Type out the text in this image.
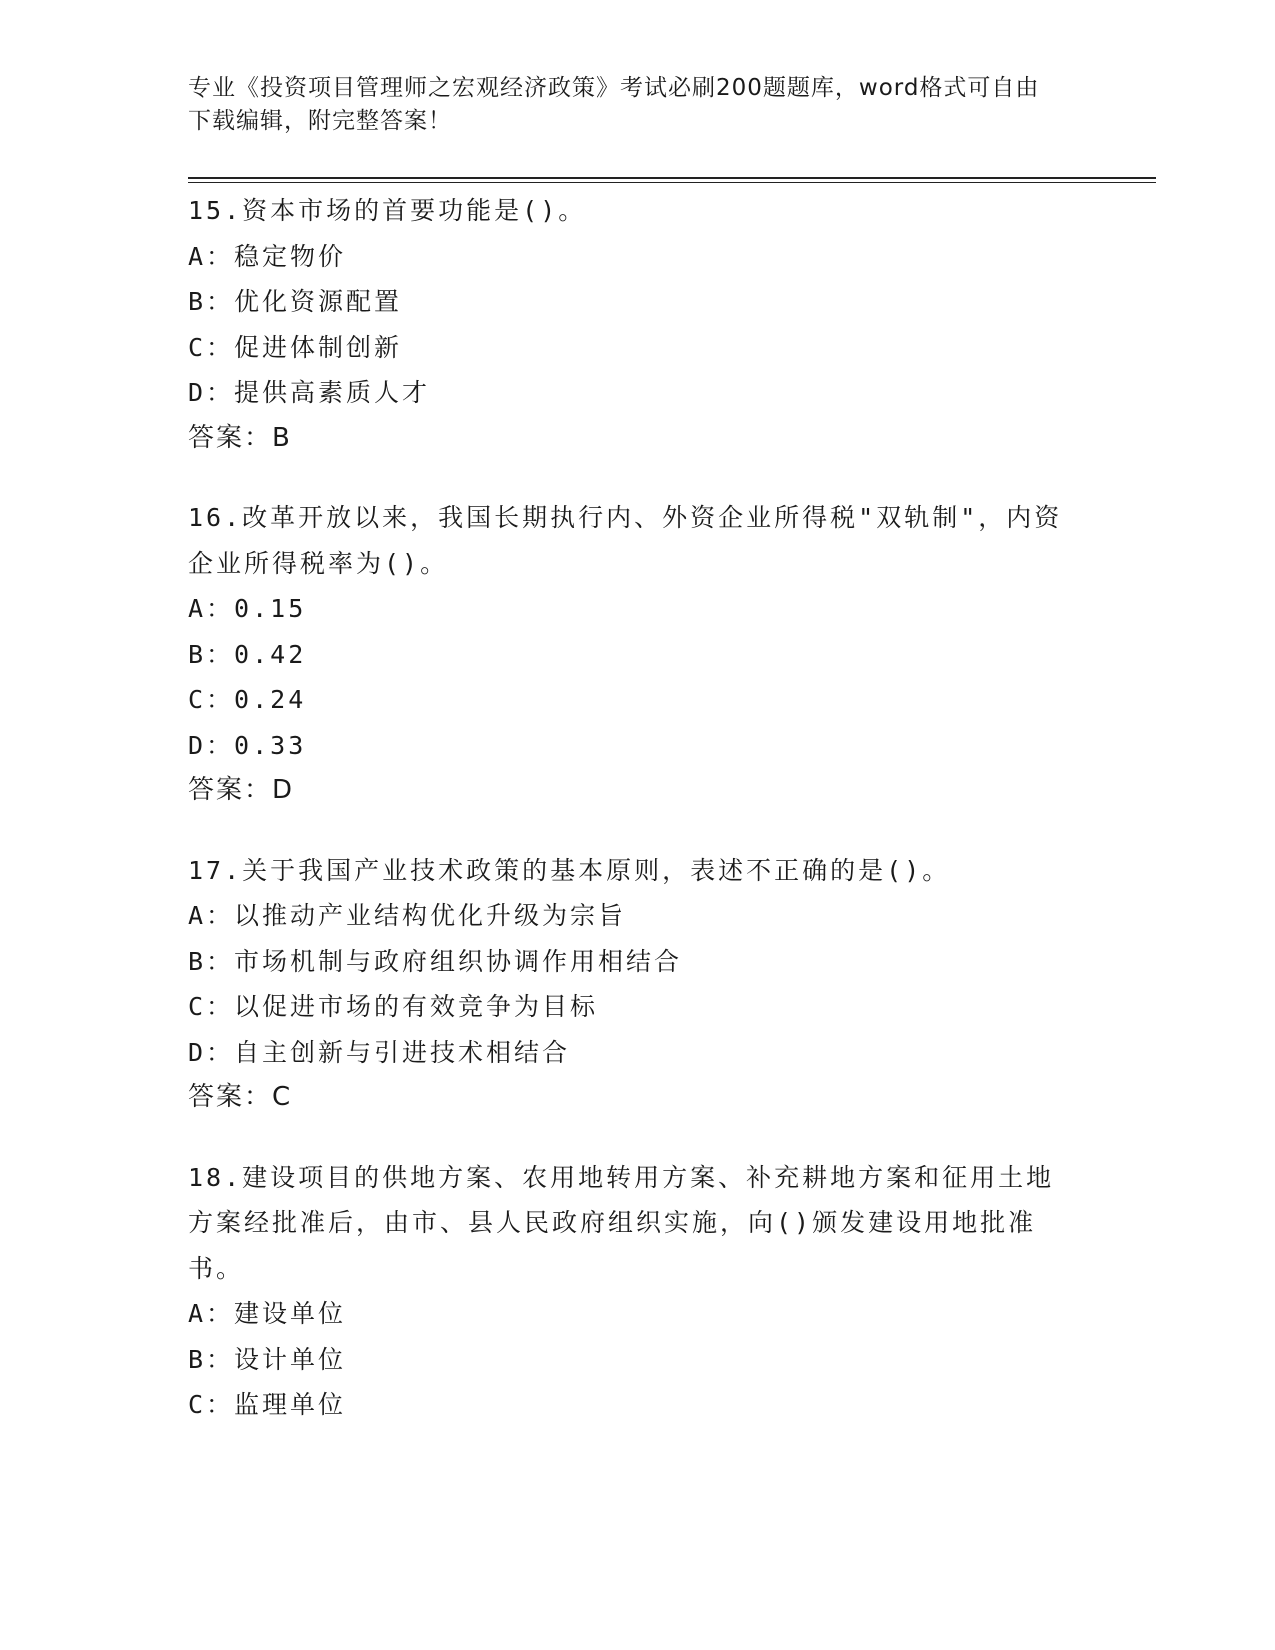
专业《投资项目管理师之宏观经济政策》考试必刷200题题库，word格式可自由
下载编辑，附完整答案！
15.资本市场的首要功能是()。
A：稳定物价
B：优化资源配置
C：促进体制创新
D：提供高素质人才
答案：B
16.改革开放以来，我国长期执行内、外资企业所得税"双轨制"，内资
企业所得税率为()。
A：0.15
B：0.42
C：0.24
D：0.33
答案：D
17.关于我国产业技术政策的基本原则，表述不正确的是()。
A：以推动产业结构优化升级为宗旨
B：市场机制与政府组织协调作用相结合
C：以促进市场的有效竞争为目标
D：自主创新与引进技术相结合
答案：C
18.建设项目的供地方案、农用地转用方案、补充耕地方案和征用土地
方案经批准后，由市、县人民政府组织实施，向()颁发建设用地批准
书。
A：建设单位
B：设计单位
C：监理单位
